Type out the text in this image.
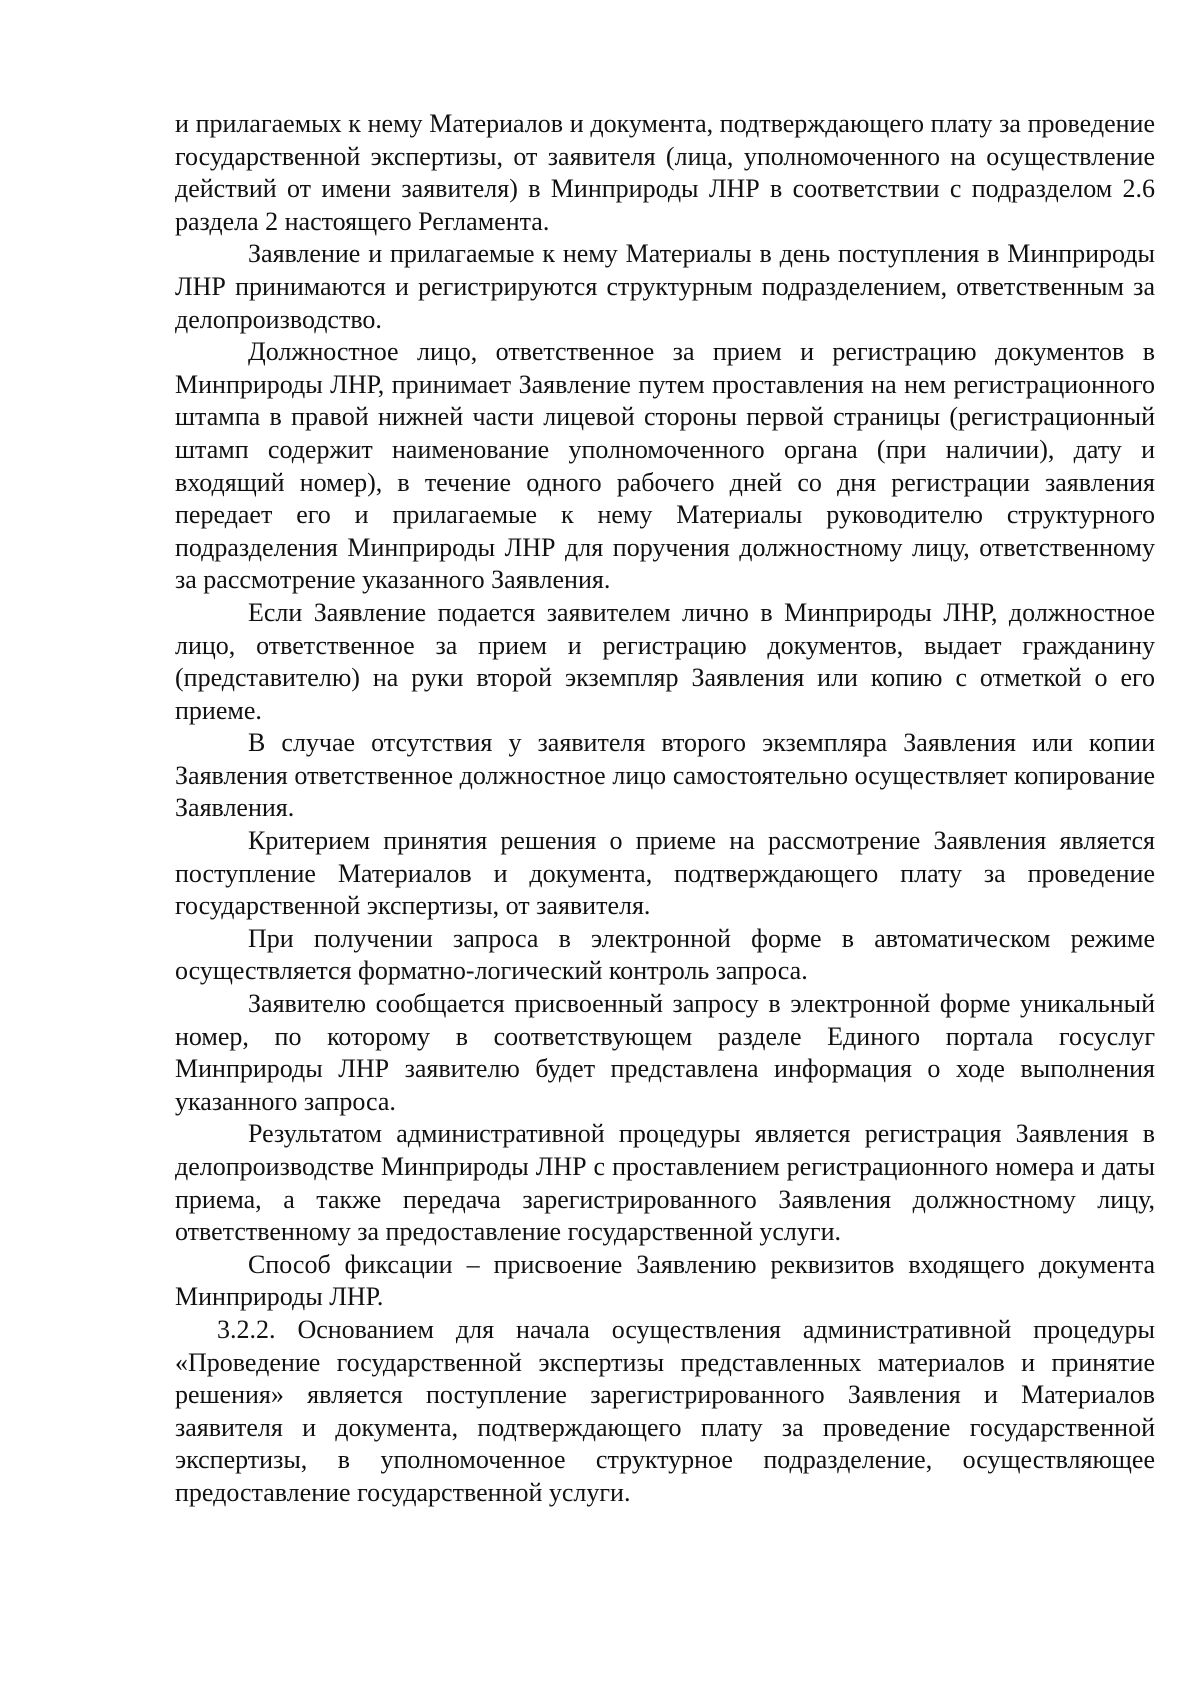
и прилагаемых к нему Материалов и документа, подтверждающего плату за проведение государственной экспертизы, от заявителя (лица, уполномоченного на осуществление действий от имени заявителя) в Минприроды ЛНР в соответствии с подразделом 2.6 раздела 2 настоящего Регламента.

Заявление и прилагаемые к нему Материалы в день поступления в Минприроды ЛНР принимаются и регистрируются структурным подразделением, ответственным за делопроизводство.

Должностное лицо, ответственное за прием и регистрацию документов в Минприроды ЛНР, принимает Заявление путем проставления на нем регистрационного штампа в правой нижней части лицевой стороны первой страницы (регистрационный штамп содержит наименование уполномоченного органа (при наличии), дату и входящий номер), в течение одного рабочего дней со дня регистрации заявления передает его и прилагаемые к нему Материалы руководителю структурного подразделения Минприроды ЛНР для поручения должностному лицу, ответственному за рассмотрение указанного Заявления.

Если Заявление подается заявителем лично в Минприроды ЛНР, должностное лицо, ответственное за прием и регистрацию документов, выдает гражданину (представителю) на руки второй экземпляр Заявления или копию с отметкой о его приеме.

В случае отсутствия у заявителя второго экземпляра Заявления или копии Заявления ответственное должностное лицо самостоятельно осуществляет копирование Заявления.

Критерием принятия решения о приеме на рассмотрение Заявления является поступление Материалов и документа, подтверждающего плату за проведение государственной экспертизы, от заявителя.

При получении запроса в электронной форме в автоматическом режиме осуществляется форматно-логический контроль запроса.

Заявителю сообщается присвоенный запросу в электронной форме уникальный номер, по которому в соответствующем разделе Единого портала госуслуг Минприроды ЛНР заявителю будет представлена информация о ходе выполнения указанного запроса.

Результатом административной процедуры является регистрация Заявления в делопроизводстве Минприроды ЛНР с проставлением регистрационного номера и даты приема, а также передача зарегистрированного Заявления должностному лицу, ответственному за предоставление государственной услуги.

Способ фиксации – присвоение Заявлению реквизитов входящего документа Минприроды ЛНР.

3.2.2. Основанием для начала осуществления административной процедуры «Проведение государственной экспертизы представленных материалов и принятие решения» является поступление зарегистрированного Заявления и Материалов заявителя и документа, подтверждающего плату за проведение государственной экспертизы, в уполномоченное структурное подразделение, осуществляющее предоставление государственной услуги.
